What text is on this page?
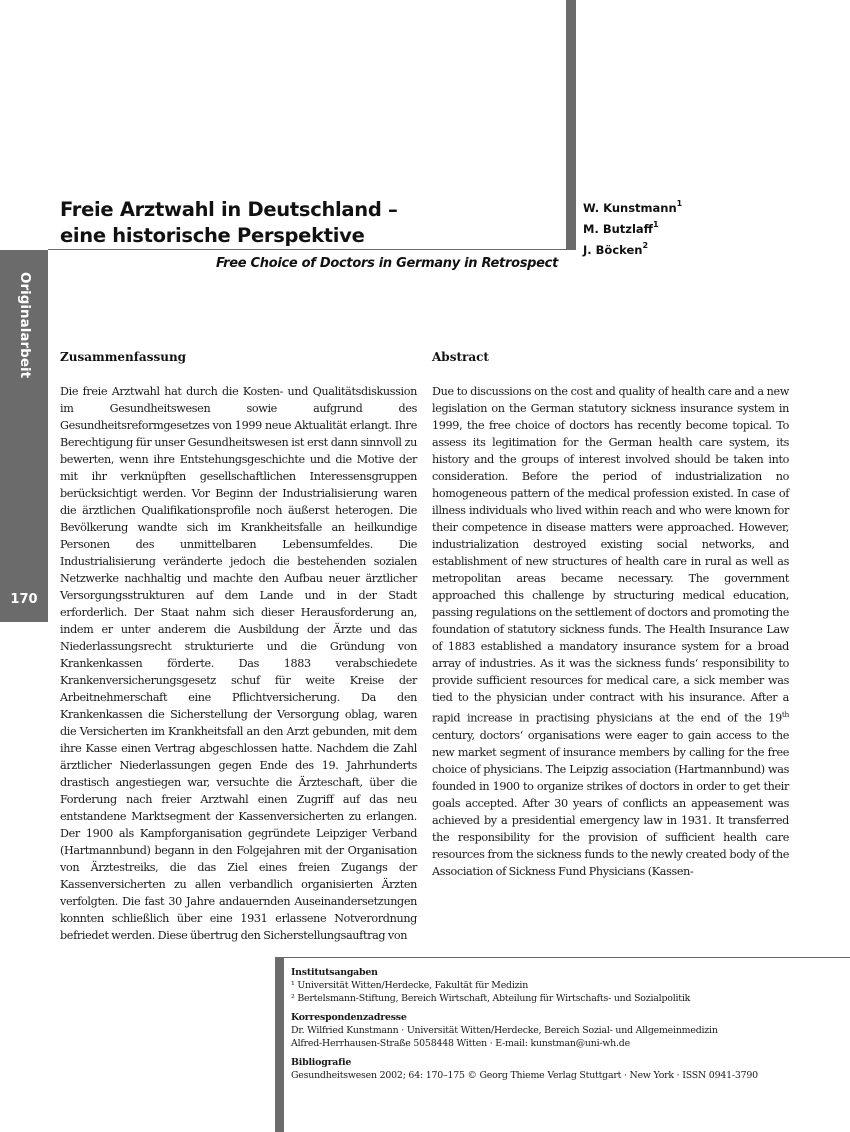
Originalarbeit
170
Freie Arztwahl in Deutschland –
eine historische Perspektive
W. Kunstmann$^1$
M. Butzlaff$^1$
J. Böcken$^2$
Free Choice of Doctors in Germany in Retrospect
Zusammenfassung	Abstract
Die freie Arztwahl hat durch die Kosten- und Qualitätsdiskussion im Gesundheitswesen sowie aufgrund des Gesundheitsreformgesetzes von 1999 neue Aktualität erlangt. Ihre Berechtigung für unser Gesundheitswesen ist erst dann sinnvoll zu bewerten, wenn ihre Entstehungsgeschichte und die Motive der mit ihr verknüpften gesellschaftlichen Interessensgruppen berücksichtigt werden. Vor Beginn der Industrialisierung waren die ärztlichen Qualifikationsprofile noch äußerst heterogen. Die Bevölkerung wandte sich im Krankheitsfalle an heilkundige Personen des unmittelbaren Lebensumfeldes. Die Industrialisierung veränderte jedoch die bestehenden sozialen Netzwerke nachhaltig und machte den Aufbau neuer ärztlicher Versorgungsstrukturen auf dem Lande und in der Stadt erforderlich. Der Staat nahm sich dieser Herausforderung an, indem er unter anderem die Ausbildung der Ärzte und das Niederlassungsrecht strukturierte und die Gründung von Krankenkassen förderte. Das 1883 verabschiedete Krankenversicherungsgesetz schuf für weite Kreise der Arbeitnehmerschaft eine Pflichtversicherung. Da den Krankenkassen die Sicherstellung der Versorgung oblag, waren die Versicherten im Krankheitsfall an den Arzt gebunden, mit dem ihre Kasse einen Vertrag abgeschlossen hatte. Nachdem die Zahl ärztlicher Niederlassungen gegen Ende des 19. Jahrhunderts drastisch angestiegen war, versuchte die Ärzteschaft, über die Forderung nach freier Arztwahl einen Zugriff auf das neu entstandene Marktsegment der Kassenversicherten zu erlangen. Der 1900 als Kampforganisation gegründete Leipziger Verband (Hartmannbund) begann in den Folgejahren mit der Organisation von Ärztestreiks, die das Ziel eines freien Zugangs der Kassenversicherten zu allen verbandlich organisierten Ärzten verfolgten. Die fast 30 Jahre andauernden Auseinandersetzungen konnten schließlich über eine 1931 erlassene Notverordnung befriedet werden. Diese übertrug den Sicherstellungsauftrag von
Due to discussions on the cost and quality of health care and a new legislation on the German statutory sickness insurance system in 1999, the free choice of doctors has recently become topical. To assess its legitimation for the German health care system, its history and the groups of interest involved should be taken into consideration. Before the period of industrialization no homogeneous pattern of the medical profession existed. In case of illness individuals who lived within reach and who were known for their competence in disease matters were approached. However, industrialization destroyed existing social networks, and establishment of new structures of health care in rural as well as metropolitan areas became necessary. The government approached this challenge by structuring medical education, passing regulations on the settlement of doctors and promoting the foundation of statutory sickness funds. The Health Insurance Law of 1883 established a mandatory insurance system for a broad array of industries. As it was the sickness funds‘ responsibility to provide sufficient resources for medical care, a sick member was tied to the physician under contract with his insurance. After a rapid increase in practising physicians at the end of the 19th century, doctors‘ organisations were eager to gain access to the new market segment of insurance members by calling for the free choice of physicians. The Leipzig association (Hartmannbund) was founded in 1900 to organize strikes of doctors in order to get their goals accepted. After 30 years of conflicts an appeasement was achieved by a presidential emergency law in 1931. It transferred the responsibility for the provision of sufficient health care resources from the sickness funds to the newly created body of the Association of Sickness Fund Physicians (Kassen-
Institutsangaben
¹ Universität Witten/Herdecke, Fakultät für Medizin
² Bertelsmann-Stiftung, Bereich Wirtschaft, Abteilung für Wirtschafts- und Sozialpolitik
Korrespondenzadresse
Dr. Wilfried Kunstmann · Universität Witten/Herdecke, Bereich Sozial- und Allgemeinmedizin
Alfred-Herrhausen-Straße 5058448 Witten · E-mail: kunstman@uni-wh.de
Bibliografie
Gesundheitswesen 2002; 64: 170–175 © Georg Thieme Verlag Stuttgart · New York · ISSN 0941-3790
